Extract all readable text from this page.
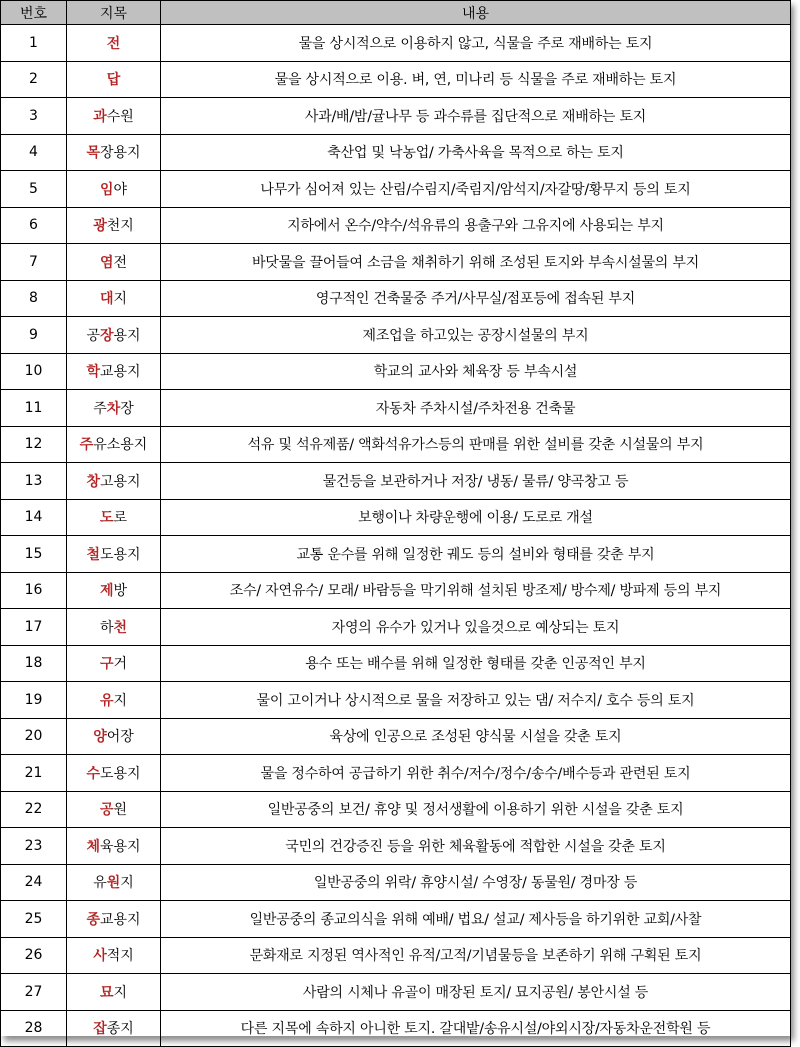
번호	지목	내용
1	전	물을 상시적으로 이용하지 않고, 식물을 주로 재배하는 토지
2	답	물을 상시적으로 이용. 벼, 연, 미나리 등 식물을 주로 재배하는 토지
3	과수원	사과/배/밤/귤나무 등 과수류를 집단적으로 재배하는 토지
4	목장용지	축산업 및 낙농업/ 가축사육을 목적으로 하는 토지
5	임야	나무가 심어져 있는 산림/수림지/죽림지/암석지/자갈땅/황무지 등의 토지
6	광천지	지하에서 온수/약수/석유류의 용출구와 그유지에 사용되는 부지
7	염전	바닷물을 끌어들여 소금을 채취하기 위해 조성된 토지와 부속시설물의 부지
8	대지	영구적인 건축물중 주거/사무실/점포등에 접속된 부지
9	공장용지	제조업을 하고있는 공장시설물의 부지
10	학교용지	학교의 교사와 체육장 등 부속시설
11	주차장	자동차 주차시설/주차전용 건축물
12	주유소용지	석유 및 석유제품/ 액화석유가스등의 판매를 위한 설비를 갖춘 시설물의 부지
13	창고용지	물건등을 보관하거나 저장/ 냉동/ 물류/ 양곡창고 등
14	도로	보행이나 차량운행에 이용/ 도로로 개설
15	철도용지	교통 운수를 위해 일정한 궤도 등의 설비와 형태를 갖춘 부지
16	제방	조수/ 자연유수/ 모래/ 바람등을 막기위해 설치된 방조제/ 방수제/ 방파제 등의 부지
17	하천	자영의 유수가 있거나 있을것으로 예상되는 토지
18	구거	용수 또는 배수를 위해 일정한 형태를 갖춘 인공적인 부지
19	유지	물이 고이거나 상시적으로 물을 저장하고 있는 댐/ 저수지/ 호수 등의 토지
20	양어장	육상에 인공으로 조성된 양식물 시설을 갖춘 토지
21	수도용지	물을 정수하여 공급하기 위한 취수/저수/정수/송수/배수등과 관련된 토지
22	공원	일반공중의 보건/ 휴양 및 정서생활에 이용하기 위한 시설을 갖춘 토지
23	체육용지	국민의 건강증진 등을 위한 체육활동에 적합한 시설을 갖춘 토지
24	유원지	일반공중의 위락/ 휴양시설/ 수영장/ 동물원/ 경마장 등
25	종교용지	일반공중의 종교의식을 위해 예배/ 법요/ 설교/ 제사등을 하기위한 교회/사찰
26	사적지	문화재로 지정된 역사적인 유적/고적/기념물등을 보존하기 위해 구획된 토지
27	묘지	사람의 시체나 유골이 매장된 토지/ 묘지공원/ 봉안시설 등
28	잡종지	다른 지목에 속하지 아니한 토지. 갈대밭/송유시설/야외시장/자동차운전학원 등
